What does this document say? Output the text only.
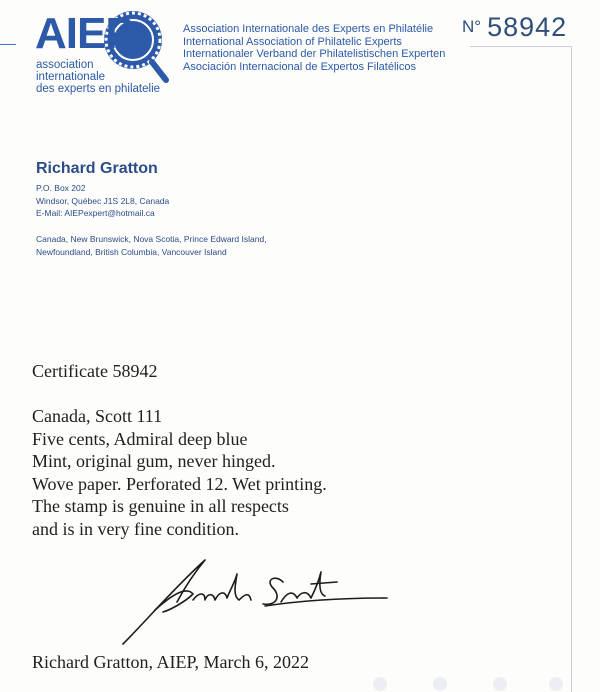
AIEP
association
internationale
des experts en philatelie
Association Internationale des Experts en Philatélie
International Association of Philatelic Experts
Internationaler Verband der Philatelistischen Experten
Asociación Internacional de Expertos Filatélicos
N° 58942
Richard Gratton
P.O. Box 202
Windsor, Québec J1S 2L8, Canada
E-Mail: AIEPexpert@hotmail.ca
Canada, New Brunswick, Nova Scotia, Prince Edward Island,
Newfoundland, British Columbia, Vancouver Island
Certificate 58942
Canada, Scott 111
Five cents, Admiral deep blue
Mint, original gum, never hinged.
Wove paper. Perforated 12. Wet printing.
The stamp is genuine in all respects
and is in very fine condition.
Richard Gratton, AIEP, March 6, 2022
